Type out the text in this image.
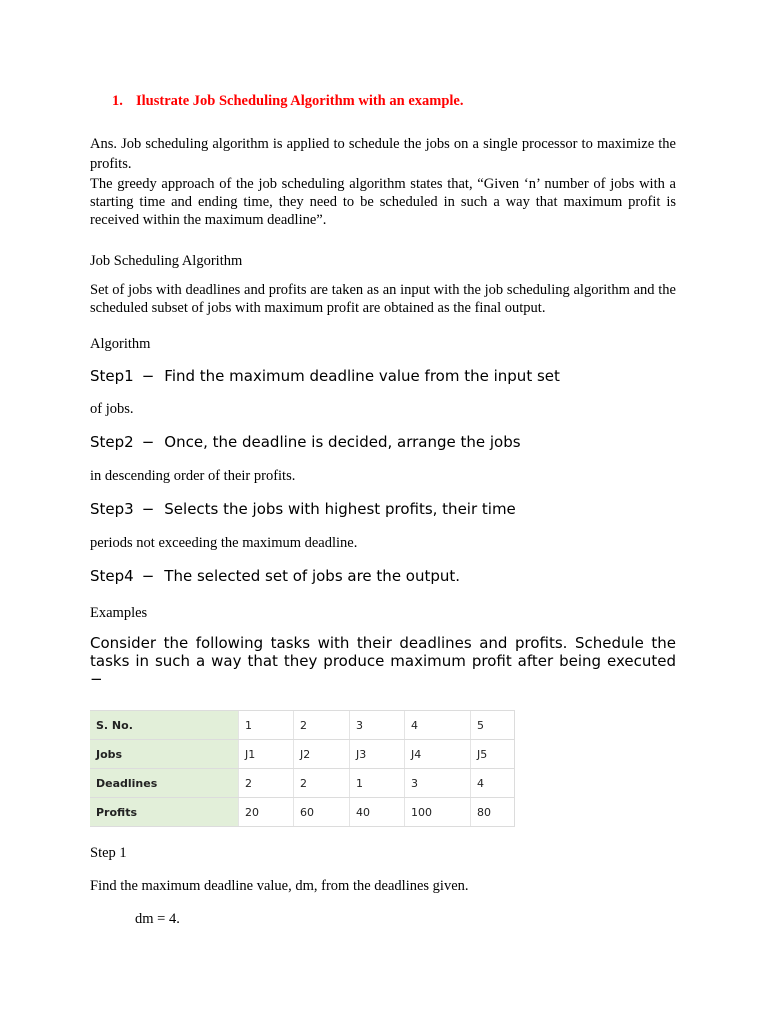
1. Ilustrate Job Scheduling Algorithm with an example.
Ans. Job scheduling algorithm is applied to schedule the jobs on a single processor to maximize the profits.
The greedy approach of the job scheduling algorithm states that, “Given ‘n’ number of jobs with a starting time and ending time, they need to be scheduled in such a way that maximum profit is received within the maximum deadline”.
Job Scheduling Algorithm
Set of jobs with deadlines and profits are taken as an input with the job scheduling algorithm and the scheduled subset of jobs with maximum profit are obtained as the final output.
Algorithm
Step1 − Find the maximum deadline value from the input set
of jobs.
Step2 − Once, the deadline is decided, arrange the jobs
in descending order of their profits.
Step3 − Selects the jobs with highest profits, their time
periods not exceeding the maximum deadline.
Step4 − The selected set of jobs are the output.
Examples
Consider the following tasks with their deadlines and profits. Schedule the tasks in such a way that they produce maximum profit after being executed −
S. No.	1	2	3	4	5
Jobs	J1	J2	J3	J4	J5
Deadlines	2	2	1	3	4
Profits	20	60	40	100	80
Step 1
Find the maximum deadline value, dm, from the deadlines given.
dm = 4.
